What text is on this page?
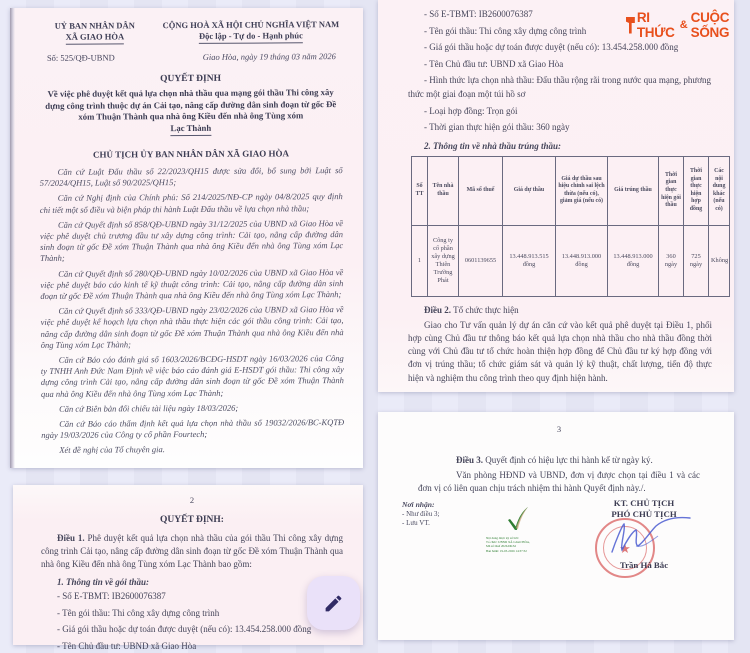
UỶ BAN NHÂN DÂN
XÃ GIAO HÒA
CỘNG HOÀ XÃ HỘI CHỦ NGHĨA VIỆT NAM
Độc lập - Tự do - Hạnh phúc
Số: 525/QĐ-UBND	Giao Hòa, ngày 19 tháng 03 năm 2026
QUYẾT ĐỊNH
Về việc phê duyệt kết quả lựa chọn nhà thầu qua mạng gói thầu Thi công xây dựng công trình thuộc dự án Cải tạo, nâng cấp đường dân sinh đoạn từ gốc Đề xóm Thuận Thành qua nhà ông Kiều đến nhà ông Tùng xóm
Lạc Thành
CHỦ TỊCH ỦY BAN NHÂN DÂN XÃ GIAO HÒA

Căn cứ Luật Đấu thầu số 22/2023/QH15 được sửa đổi, bổ sung bởi Luật số 57/2024/QH15, Luật số 90/2025/QH15;

Căn cứ Nghị định của Chính phủ: Số 214/2025/NĐ-CP ngày 04/8/2025 quy định chi tiết một số điều và biện pháp thi hành Luật Đấu thầu về lựa chọn nhà thầu;

Căn cứ Quyết định số 858/QĐ-UBND ngày 31/12/2025 của UBND xã Giao Hòa về việc phê duyệt chủ trương đầu tư xây dựng công trình: Cải tạo, nâng cấp đường dân sinh đoạn từ gốc Đề xóm Thuận Thành qua nhà ông Kiều đến nhà ông Tùng xóm Lạc Thành;

Căn cứ Quyết định số 280/QĐ-UBND ngày 10/02/2026 của UBND xã Giao Hòa về việc phê duyệt báo cáo kinh tế kỹ thuật công trình: Cải tạo, nâng cấp đường dân sinh đoạn từ gốc Đề xóm Thuận Thành qua nhà ông Kiều đến nhà ông Tùng xóm Lạc Thành;

Căn cứ Quyết định số 333/QĐ-UBND ngày 23/02/2026 của UBND xã Giao Hòa về việc phê duyệt kế hoạch lựa chọn nhà thầu thực hiện các gói thầu công trình: Cải tạo, nâng cấp đường dân sinh đoạn từ gốc Đề xóm Thuận Thành qua nhà ông Kiều đến nhà ông Tùng xóm Lạc Thành;

Căn cứ Báo cáo đánh giá số 1603/2026/BCĐG-HSDT ngày 16/03/2026 của Công ty TNHH Anh Đức Nam Định về việc báo cáo đánh giá E-HSDT gói thầu: Thi công xây dựng công trình Cải tạo, nâng cấp đường dân sinh đoạn từ gốc Đề xóm Thuận Thành qua nhà ông Kiều đến nhà ông Tùng xóm Lạc Thành;

Căn cứ Biên bản đối chiếu tài liệu ngày 18/03/2026;

Căn cứ Báo cáo thẩm định kết quả lựa chọn nhà thầu số 19032/2026/BC-KQTĐ ngày 19/03/2026 của Công ty cổ phần Fourtech;

Xét đề nghị của Tổ chuyên gia.

2
QUYẾT ĐỊNH:

Điều 1. Phê duyệt kết quả lựa chọn nhà thầu của gói thầu Thi công xây dựng công trình Cải tạo, nâng cấp đường dân sinh đoạn từ gốc Đề xóm Thuận Thành qua nhà ông Kiều đến nhà ông Tùng xóm Lạc Thành bao gồm:

1. Thông tin về gói thầu:

- Số E-TBMT: IB2600076387

- Tên gói thầu: Thi công xây dựng công trình

- Giá gói thầu hoặc dự toán được duyệt (nếu có): 13.454.258.000 đồng

- Tên Chủ đầu tư: UBND xã Giao Hòa

- Số E-TBMT: IB2600076387

- Tên gói thầu: Thi công xây dựng công trình

- Giá gói thầu hoặc dự toán được duyệt (nếu có): 13.454.258.000 đồng

- Tên Chủ đầu tư: UBND xã Giao Hòa

- Hình thức lựa chọn nhà thầu: Đấu thầu rộng rãi trong nước qua mạng, phương thức một giai đoạn một túi hồ sơ

- Loại hợp đồng: Trọn gói

- Thời gian thực hiện gói thầu: 360 ngày

2. Thông tin về nhà thầu trúng thầu:

Số TT	Tên nhà thầu	Mã số thuế	Giá dự thầu	Giá dự thầu sau hiệu chỉnh sai lệch thừa (nếu có), giảm giá (nếu có)	Giá trúng thầu	Thời gian thực hiện gói thầu	Thời gian thực hiện hợp đồng	Các nội dung khác (nếu có)
1	Công ty cổ phần xây dựng Thiên Trường Phát	0601139655	13.448.913.515 đồng	13.448.913.000 đồng	13.448.913.000 đồng	360 ngày	725 ngày	Không

Điều 2. Tổ chức thực hiện

Giao cho Tư vấn quản lý dự án căn cứ vào kết quả phê duyệt tại Điều 1, phối hợp cùng Chủ đầu tư thông báo kết quả lựa chọn nhà thầu cho nhà thầu đồng thời cùng với Chủ đầu tư tổ chức hoàn thiện hợp đồng để Chủ đầu tư ký hợp đồng với đơn vị trúng thầu; tổ chức giám sát và quản lý kỹ thuật, chất lượng, tiến độ thực hiện và nghiệm thu công trình theo quy định hiện hành.

3

Điều 3. Quyết định có hiệu lực thi hành kể từ ngày ký.

Văn phòng HĐND và UBND, đơn vị được chọn tại điều 1 và các đơn vị có liên quan chịu trách nhiệm thi hành Quyết định này./.

Nơi nhận:
- Như điều 3;
- Lưu VT.
Nội dung được ký số bởi:
Tổ chức: UBND XÃ GIAO HÒA,
Mã số thuế 2026.DKS2
Ban hành: 19-03-2026 14:37:32
KT. CHỦ TỊCH
PHÓ CHỦ TỊCH
★
Trần Hà Bắc
RI THỨC & CUỘC SỐNG
